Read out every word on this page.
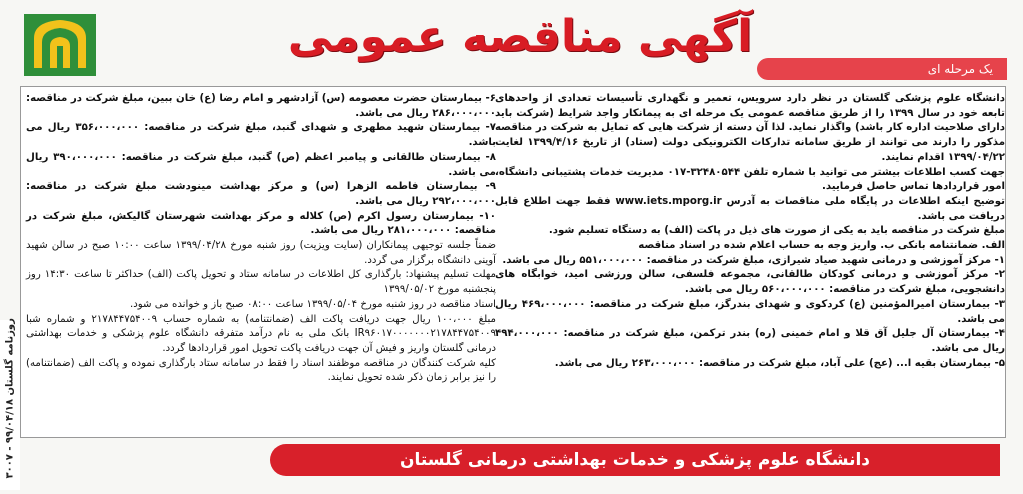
آگهی مناقصه عمومی
یک مرحله ای

دانشگاه علوم پزشکی گلستان در نظر دارد سرویس، تعمیر و نگهداری تأسیسات تعدادی از واحدهای تابعه خود در سال ۱۳۹۹ را از طریق مناقصه عمومی یک مرحله ای به پیمانکار واجد شرایط (شرکت باید دارای صلاحیت اداره کار باشد) واگذار نماید. لذا آن دسته از شرکت هایی که تمایل به شرکت در مناقصه مذکور را دارند می توانند از طریق سامانه تدارکات الکترونیکی دولت (ستاد) از تاریخ ۱۳۹۹/۴/۱۶ لغایت ۱۳۹۹/۰۴/۲۲ اقدام نمایند.

جهت کسب اطلاعات بیشتر می توانید با شماره تلفن ۳۲۴۸۰۵۴۴-۰۱۷ مدیریت خدمات پشتیبانی دانشگاه، امور قراردادها تماس حاصل فرمایید.

توضیح اینکه اطلاعات در پایگاه ملی مناقصات به آدرس www.iets.mporg.ir فقط جهت اطلاع قابل دریافت می باشد.

مبلغ شرکت در مناقصه باید به یکی از صورت های ذیل در پاکت (الف) به دستگاه تسلیم شود.

الف. ضمانتنامه بانکی ب. واریز وجه به حساب اعلام شده در اسناد مناقصه

۱- مرکز آموزشی و درمانی شهید صیاد شیرازی، مبلغ شرکت در مناقصه: ۵۵۱،۰۰۰،۰۰۰ ریال می باشد.

۲- مرکز آموزشی و درمانی کودکان طالقانی، مجموعه فلسفی، سالن ورزشی امید، خوابگاه های دانشجویی، مبلغ شرکت در مناقصه: ۵۶۰،۰۰۰،۰۰۰ ریال می باشد.

۳- بیمارستان امیرالمؤمنین (ع) کردکوی و شهدای بندرگز، مبلغ شرکت در مناقصه: ۴۶۹،۰۰۰،۰۰۰ ریال می باشد.

۴- بیمارستان آل جلیل آق قلا و امام خمینی (ره) بندر ترکمن، مبلغ شرکت در مناقصه: ۴۹۴،۰۰۰،۰۰۰ ریال می باشد.

۵- بیمارستان بقیه ا... (عج) علی آباد، مبلغ شرکت در مناقصه: ۲۶۳،۰۰۰،۰۰۰ ریال می باشد.

۶- بیمارستان حضرت معصومه (س) آزادشهر و امام رضا (ع) خان ببین، مبلغ شرکت در مناقصه: ۲۸۶،۰۰۰،۰۰۰ ریال می باشد.

۷- بیمارستان شهید مطهری و شهدای گنبد، مبلغ شرکت در مناقصه: ۳۵۶،۰۰۰،۰۰۰ ریال می باشد.

۸- بیمارستان طالقانی و پیامبر اعظم (ص) گنبد، مبلغ شرکت در مناقصه: ۳۹۰،۰۰۰،۰۰۰ ریال می باشد.

۹- بیمارستان فاطمه الزهرا (س) و مرکز بهداشت مینودشت مبلغ شرکت در مناقصه: ۲۹۲،۰۰۰،۰۰۰ ریال می باشد.

۱۰- بیمارستان رسول اکرم (ص) کلاله و مرکز بهداشت شهرستان گالیکش، مبلغ شرکت در مناقصه: ۲۸۱،۰۰۰،۰۰۰ ریال می باشد.

ضمناً جلسه توجیهی پیمانکاران (سایت ویزیت) روز شنبه مورخ ۱۳۹۹/۰۴/۲۸ ساعت ۱۰:۰۰ صبح در سالن شهید آوینی دانشگاه برگزار می گردد.

مهلت تسلیم پیشنهاد: بارگذاری کل اطلاعات در سامانه ستاد و تحویل پاکت (الف) حداکثر تا ساعت ۱۴:۳۰ روز پنجشنبه مورخ ۱۳۹۹/۰۵/۰۲

اسناد مناقصه در روز شنبه مورخ ۱۳۹۹/۰۵/۰۴ ساعت ۰۸:۰۰ صبح باز و خوانده می شود.

مبلغ ۱۰۰،۰۰۰ ریال جهت دریافت پاکت الف (ضمانتنامه) به شماره حساب ۲۱۷۸۴۴۷۵۴۰۰۹ و شماره شبا IR۹۶۰۱۷۰۰۰۰۰۰۰۲۱۷۸۴۴۷۵۴۰۰۹ بانک ملی به نام درآمد متفرقه دانشگاه علوم پزشکی و خدمات بهداشتی درمانی گلستان واریز و فیش آن جهت دریافت پاکت تحویل امور قراردادها گردد.

کلیه شرکت کنندگان در مناقصه موظفند اسناد را فقط در سامانه ستاد بارگذاری نموده و پاکت الف (ضمانتنامه) را نیز برابر زمان ذکر شده تحویل نمایند.

روزنامه گلستان ۹۹/۰۴/۱۸ - ۳۰۰۷
دانشگاه علوم پزشکی و خدمات بهداشتی درمانی گلستان
